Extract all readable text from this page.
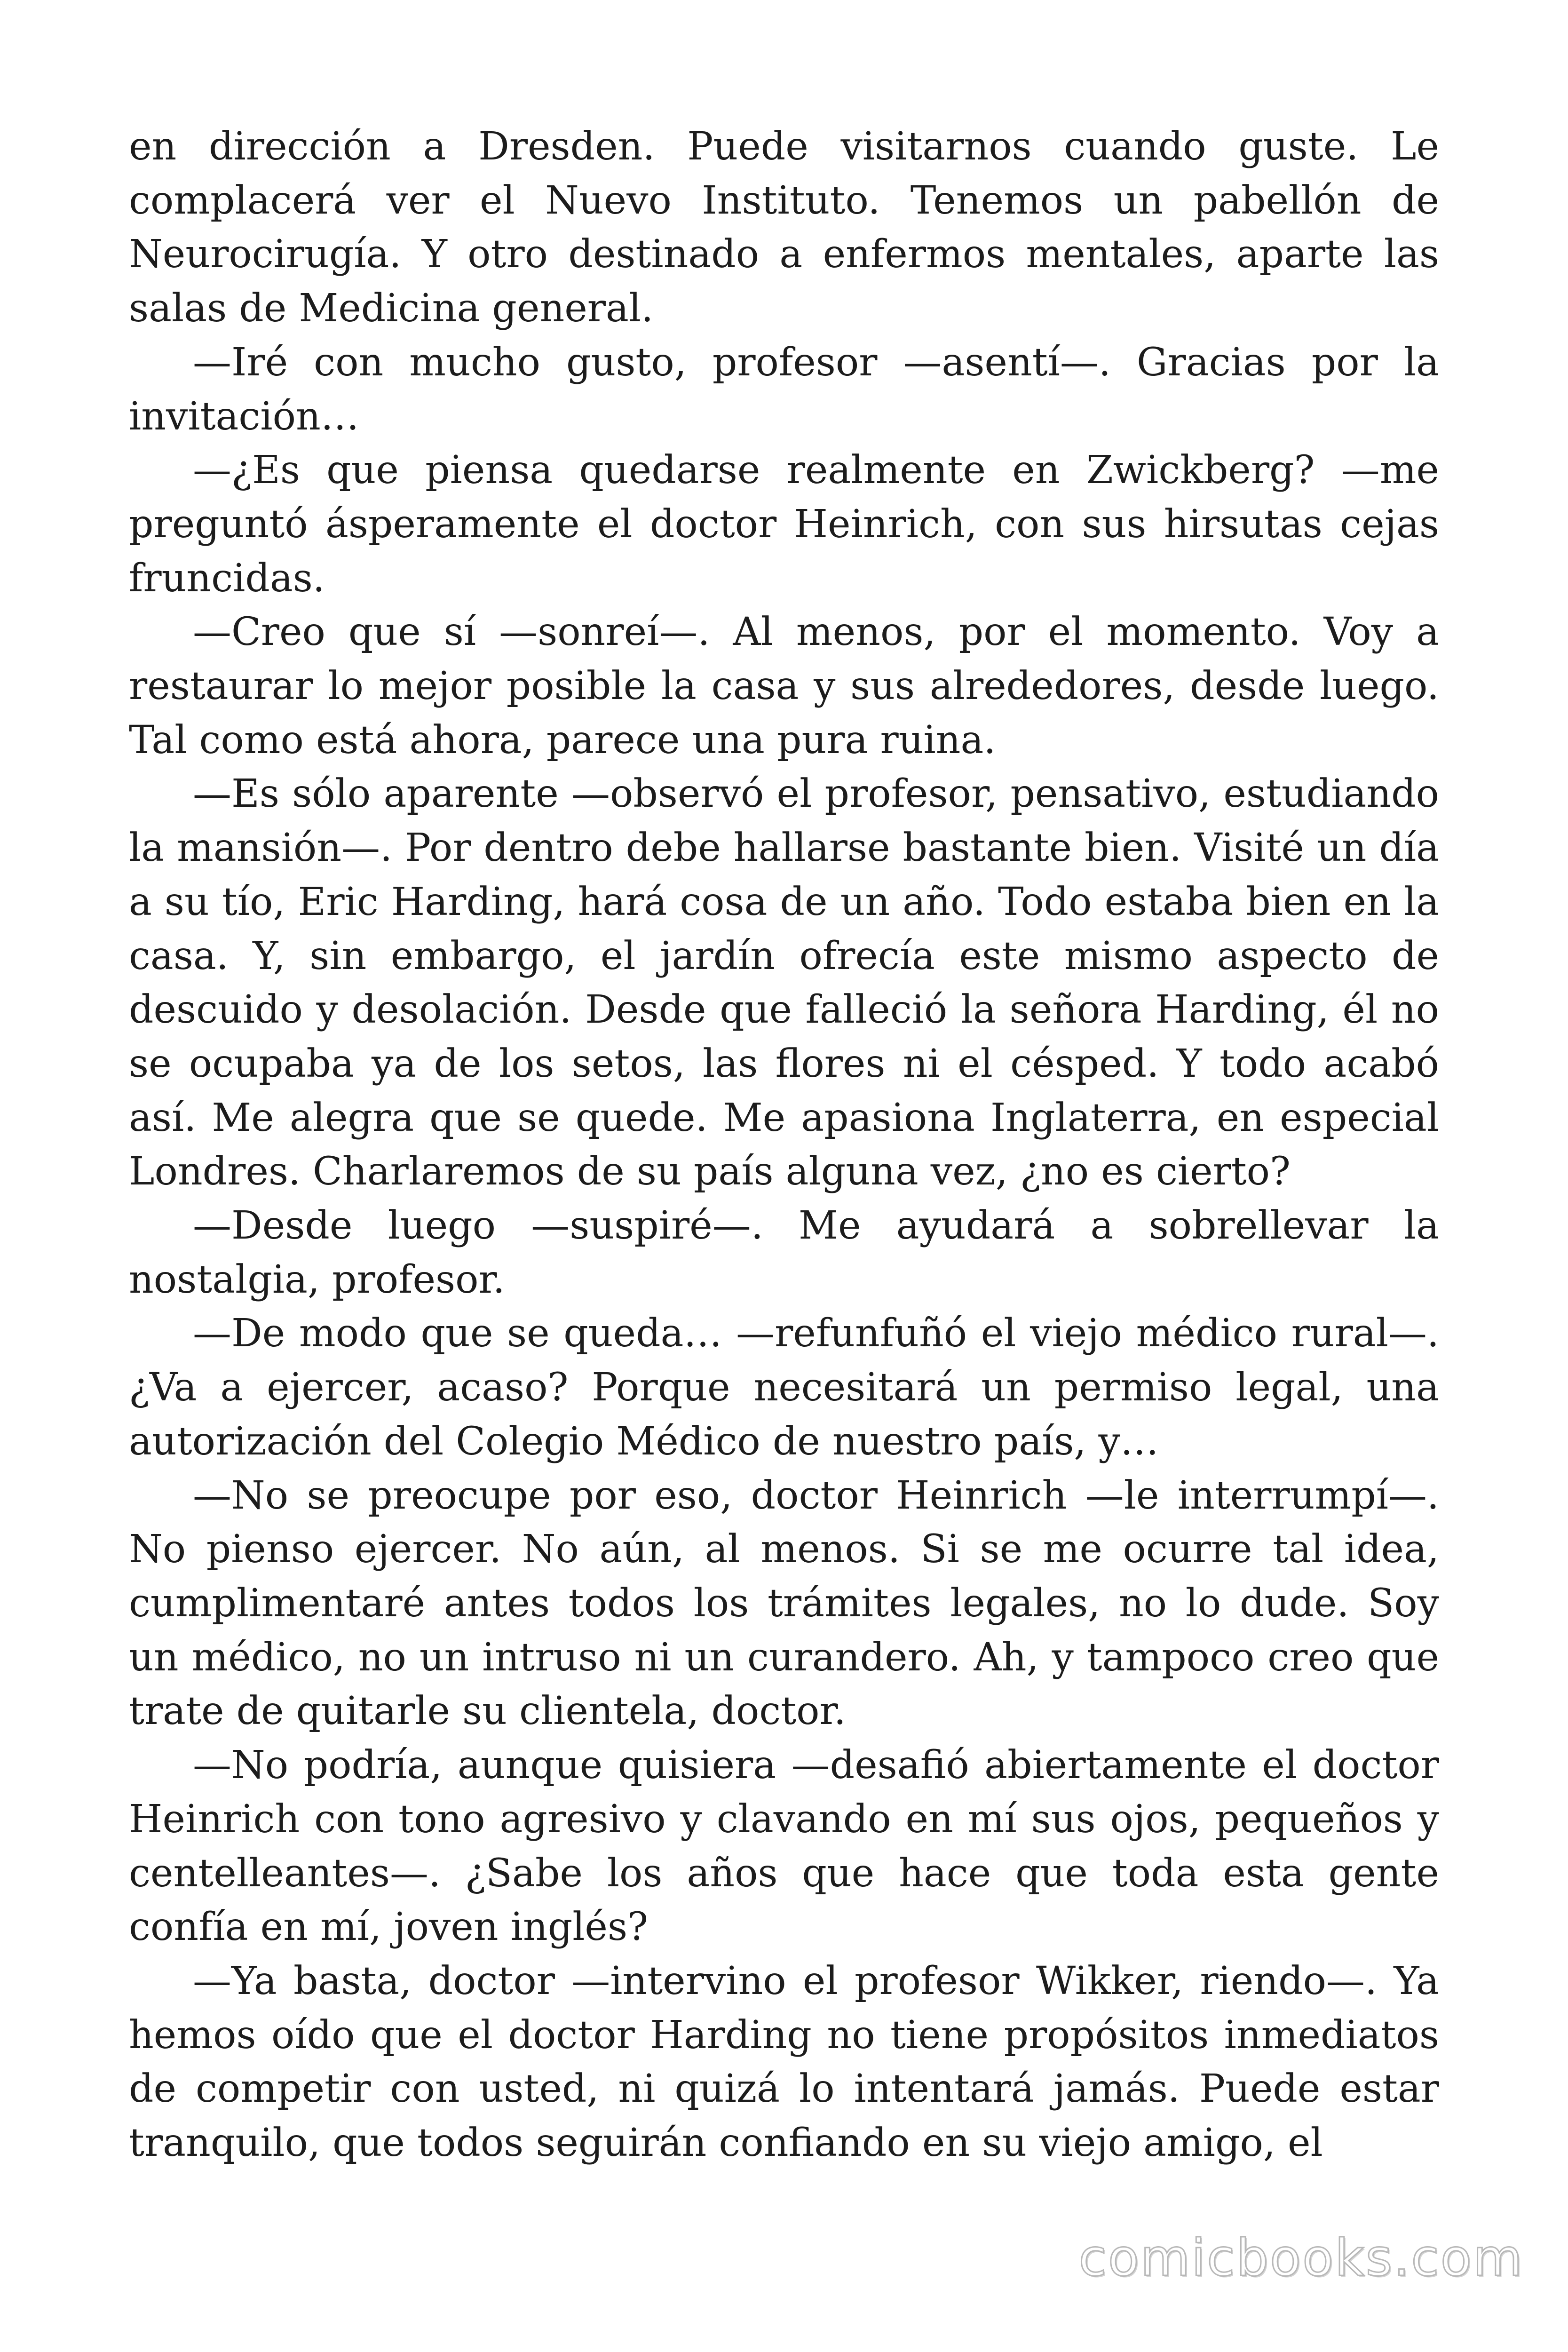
en dirección a Dresden. Puede visitarnos cuando guste. Le complacerá ver el Nuevo Instituto. Tenemos un pabellón de Neurocirugía. Y otro destinado a enfermos mentales, aparte las salas de Medicina general.

—Iré con mucho gusto, profesor —asentí—. Gracias por la invitación…

—¿Es que piensa quedarse realmente en Zwickberg? —me preguntó ásperamente el doctor Heinrich, con sus hirsutas cejas fruncidas.

—Creo que sí —sonreí—. Al menos, por el momento. Voy a restaurar lo mejor posible la casa y sus alrededores, desde luego. Tal como está ahora, parece una pura ruina.

—Es sólo aparente —observó el profesor, pensativo, estudiando la mansión—. Por dentro debe hallarse bastante bien. Visité un día a su tío, Eric Harding, hará cosa de un año. Todo estaba bien en la casa. Y, sin embargo, el jardín ofrecía este mismo aspecto de descuido y desolación. Desde que falleció la señora Harding, él no se ocupaba ya de los setos, las flores ni el césped. Y todo acabó así. Me alegra que se quede. Me apasiona Inglaterra, en especial Londres. Charlaremos de su país alguna vez, ¿no es cierto?

—Desde luego —suspiré—. Me ayudará a sobrellevar la nostalgia, profesor.

—De modo que se queda… —refunfuñó el viejo médico rural—. ¿Va a ejercer, acaso? Porque necesitará un permiso legal, una autorización del Colegio Médico de nuestro país, y…

—No se preocupe por eso, doctor Heinrich —le interrumpí—. No pienso ejercer. No aún, al menos. Si se me ocurre tal idea, cumplimentaré antes todos los trámites legales, no lo dude. Soy un médico, no un intruso ni un curandero. Ah, y tampoco creo que trate de quitarle su clientela, doctor.

—No podría, aunque quisiera —desafió abiertamente el doctor Heinrich con tono agresivo y clavando en mí sus ojos, pequeños y centelleantes—. ¿Sabe los años que hace que toda esta gente confía en mí, joven inglés?

—Ya basta, doctor —intervino el profesor Wikker, riendo—. Ya hemos oído que el doctor Harding no tiene propósitos inmediatos de competir con usted, ni quizá lo intentará jamás. Puede estar tranquilo, que todos seguirán confiando en su viejo amigo, el

comicbooks.com
